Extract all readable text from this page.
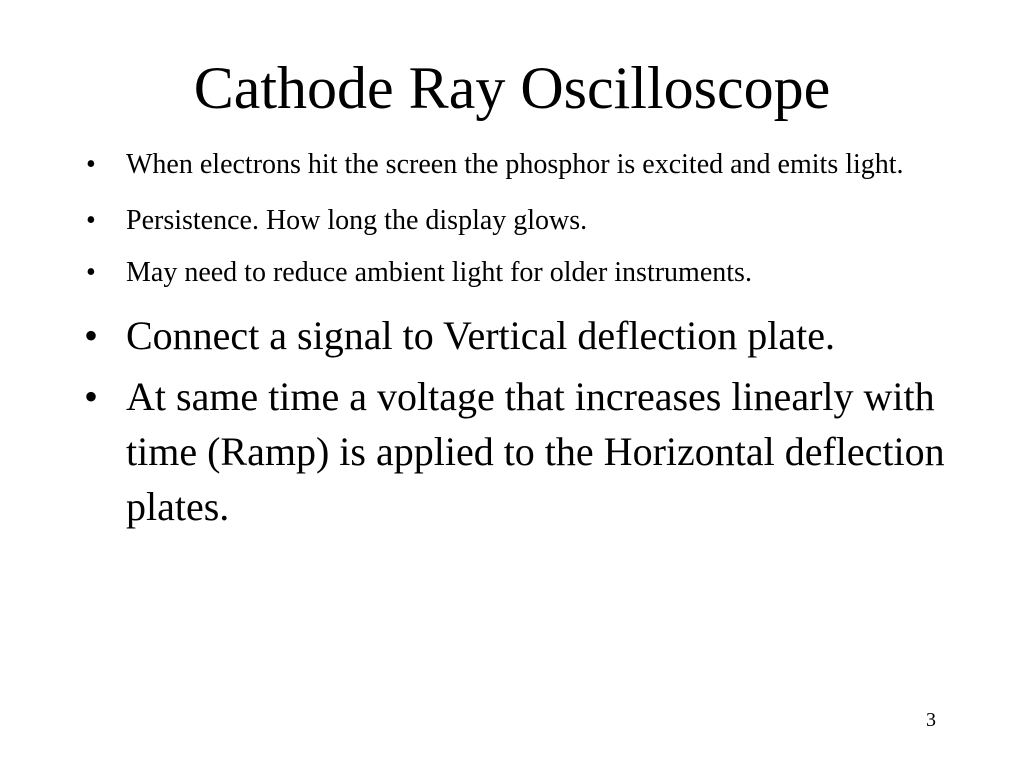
Cathode Ray Oscilloscope
• When electrons hit the screen the phosphor is excited and emits light.
• Persistence. How long the display glows.
• May need to reduce ambient light for older instruments.
• Connect a signal to Vertical deflection plate.
• At same time a voltage that increases linearly with time (Ramp) is applied to the Horizontal deflection plates.
3
